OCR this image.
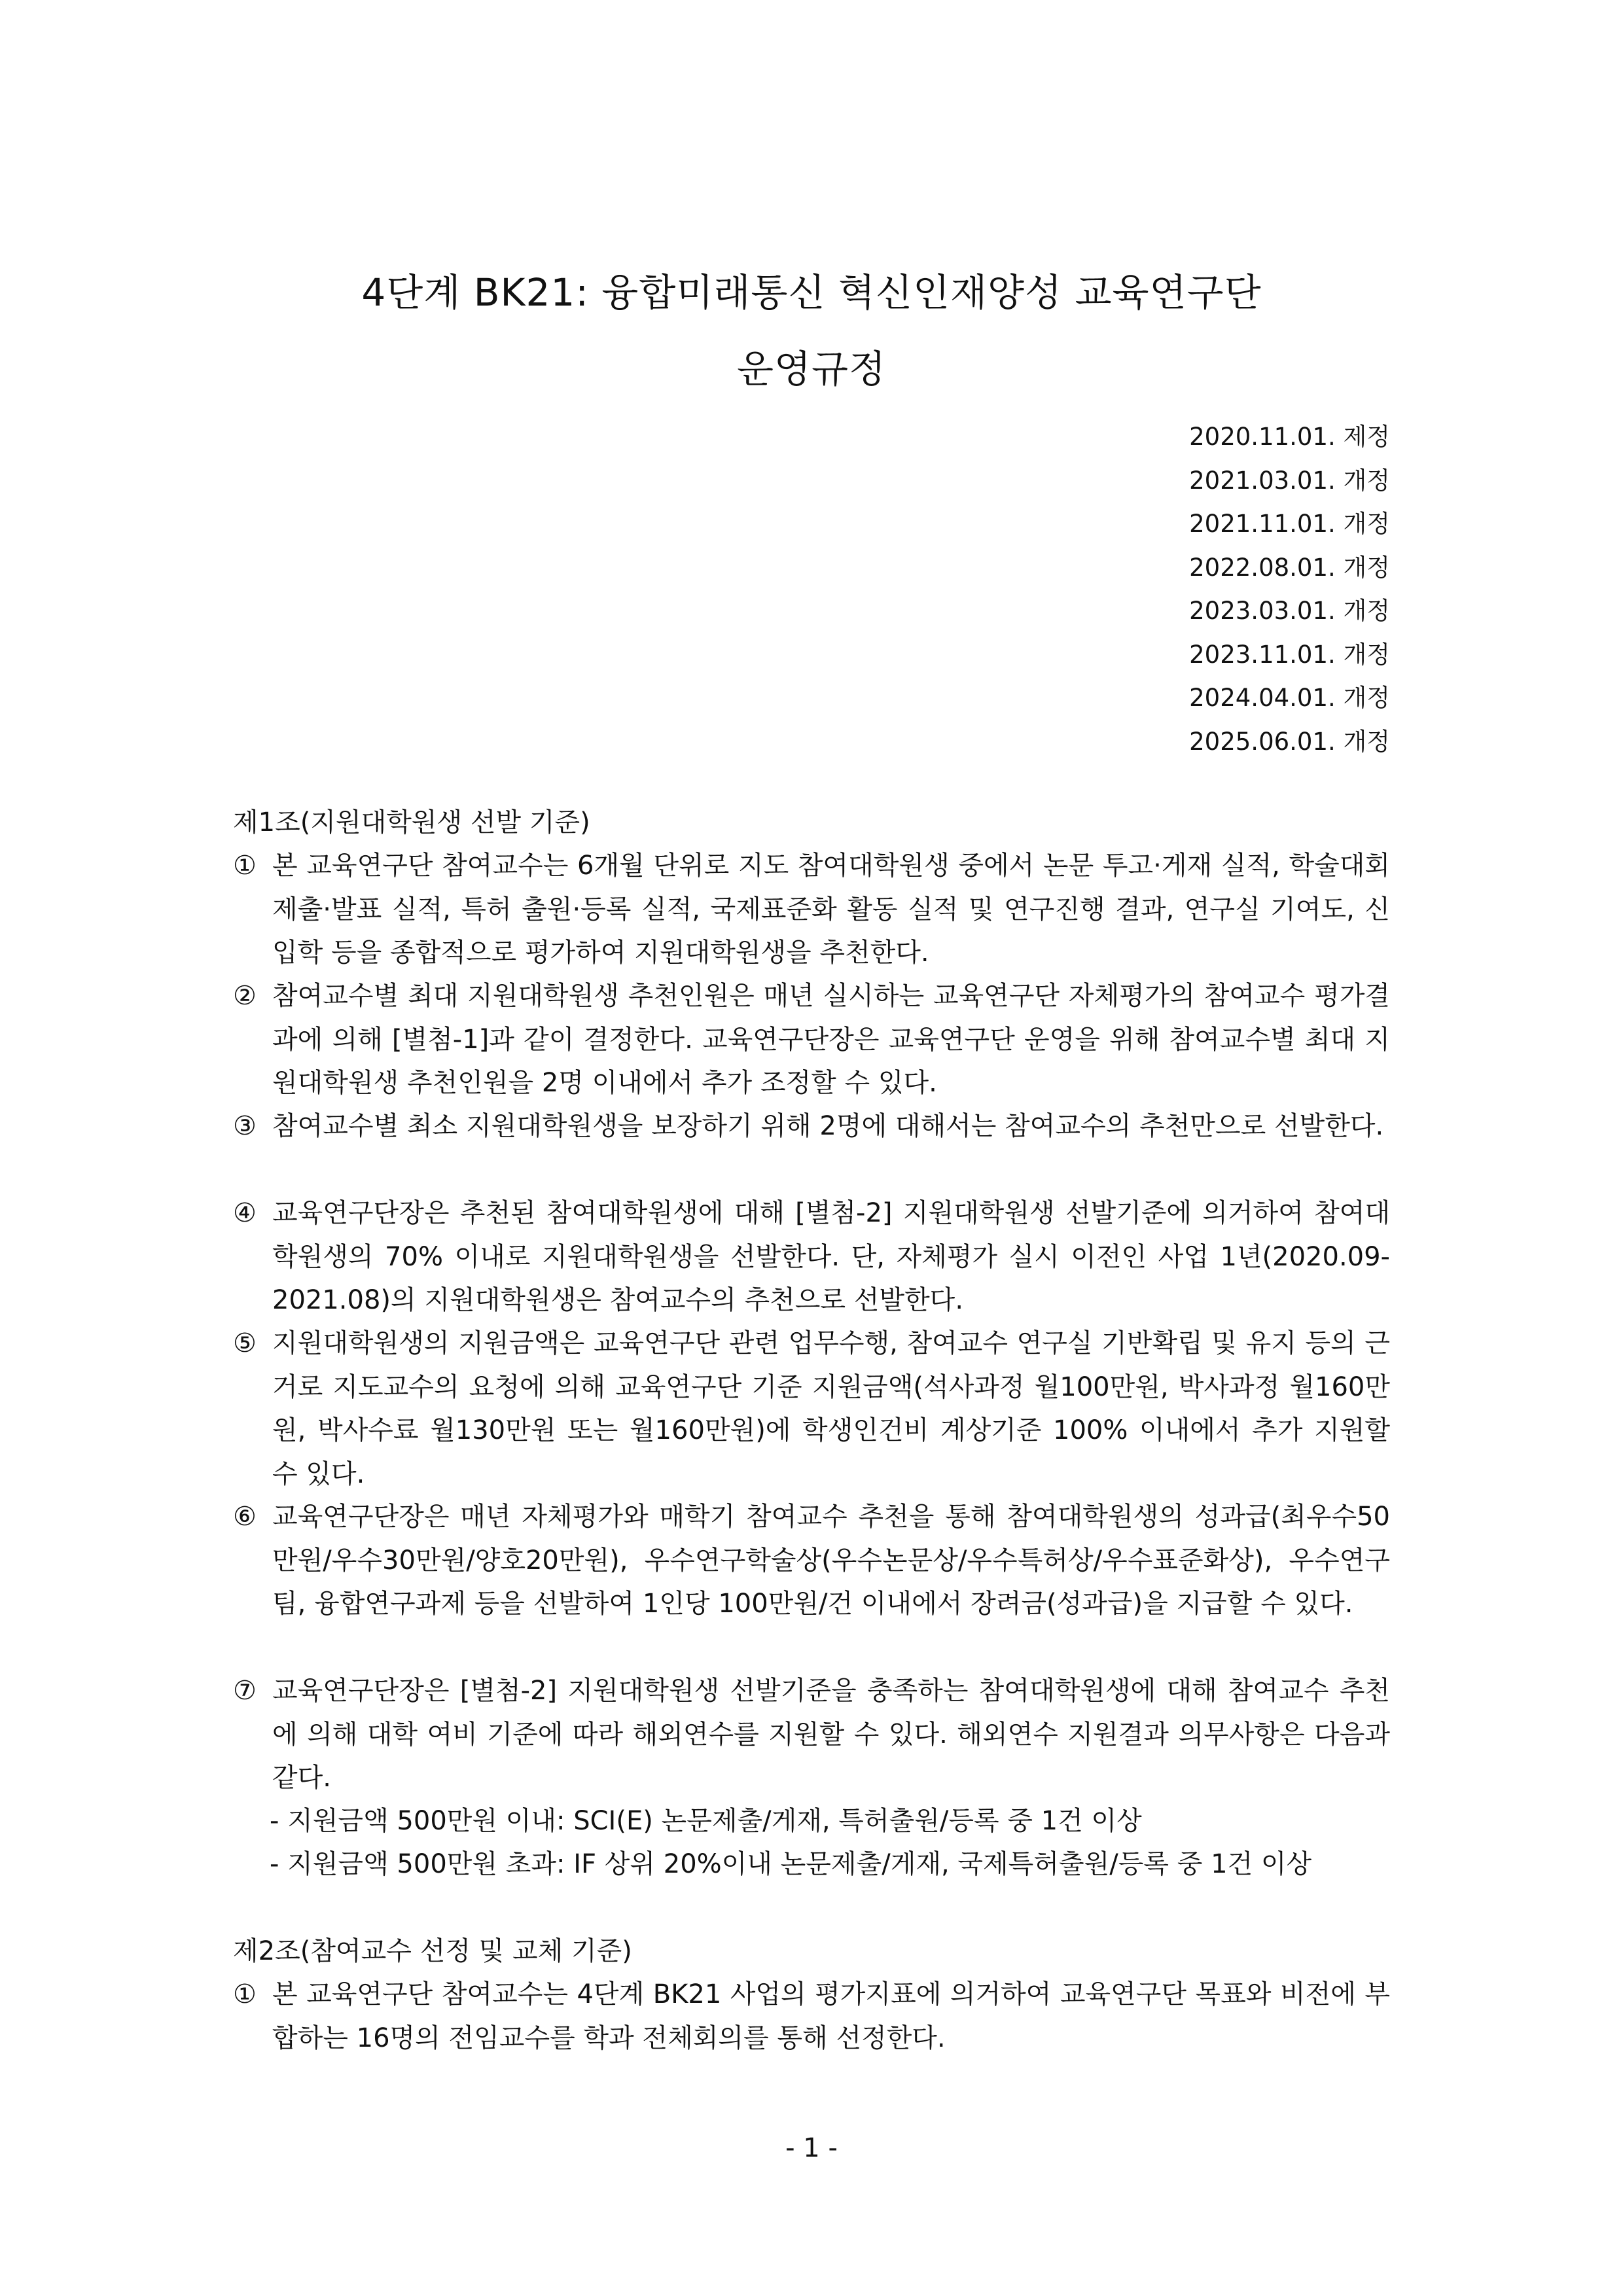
4단계 BK21: 융합미래통신 혁신인재양성 교육연구단
운영규정
2020.11.01. 제정
2021.03.01. 개정
2021.11.01. 개정
2022.08.01. 개정
2023.03.01. 개정
2023.11.01. 개정
2024.04.01. 개정
2025.06.01. 개정
제1조(지원대학원생 선발 기준)
① 본 교육연구단 참여교수는 6개월 단위로 지도 참여대학원생 중에서 논문 투고·게재 실적, 학술대회 제출·발표 실적, 특허 출원·등록 실적, 국제표준화 활동 실적 및 연구진행 결과, 연구실 기여도, 신입학 등을 종합적으로 평가하여 지원대학원생을 추천한다.
② 참여교수별 최대 지원대학원생 추천인원은 매년 실시하는 교육연구단 자체평가의 참여교수 평가결과에 의해 [별첨-1]과 같이 결정한다. 교육연구단장은 교육연구단 운영을 위해 참여교수별 최대 지원대학원생 추천인원을 2명 이내에서 추가 조정할 수 있다.
③ 참여교수별 최소 지원대학원생을 보장하기 위해 2명에 대해서는 참여교수의 추천만으로 선발한다.
④ 교육연구단장은 추천된 참여대학원생에 대해 [별첨-2] 지원대학원생 선발기준에 의거하여 참여대학원생의 70% 이내로 지원대학원생을 선발한다. 단, 자체평가 실시 이전인 사업 1년(2020.09-2021.08)의 지원대학원생은 참여교수의 추천으로 선발한다.
⑤ 지원대학원생의 지원금액은 교육연구단 관련 업무수행, 참여교수 연구실 기반확립 및 유지 등의 근거로 지도교수의 요청에 의해 교육연구단 기준 지원금액(석사과정 월100만원, 박사과정 월160만원, 박사수료 월130만원 또는 월160만원)에 학생인건비 계상기준 100% 이내에서 추가 지원할 수 있다.
⑥ 교육연구단장은 매년 자체평가와 매학기 참여교수 추천을 통해 참여대학원생의 성과급(최우수50만원/우수30만원/양호20만원), 우수연구학술상(우수논문상/우수특허상/우수표준화상), 우수연구팀, 융합연구과제 등을 선발하여 1인당 100만원/건 이내에서 장려금(성과급)을 지급할 수 있다.
⑦ 교육연구단장은 [별첨-2] 지원대학원생 선발기준을 충족하는 참여대학원생에 대해 참여교수 추천에 의해 대학 여비 기준에 따라 해외연수를 지원할 수 있다. 해외연수 지원결과 의무사항은 다음과 같다.
- 지원금액 500만원 이내: SCI(E) 논문제출/게재, 특허출원/등록 중 1건 이상
- 지원금액 500만원 초과: IF 상위 20%이내 논문제출/게재, 국제특허출원/등록 중 1건 이상
제2조(참여교수 선정 및 교체 기준)
① 본 교육연구단 참여교수는 4단계 BK21 사업의 평가지표에 의거하여 교육연구단 목표와 비전에 부합하는 16명의 전임교수를 학과 전체회의를 통해 선정한다.
- 1 -
